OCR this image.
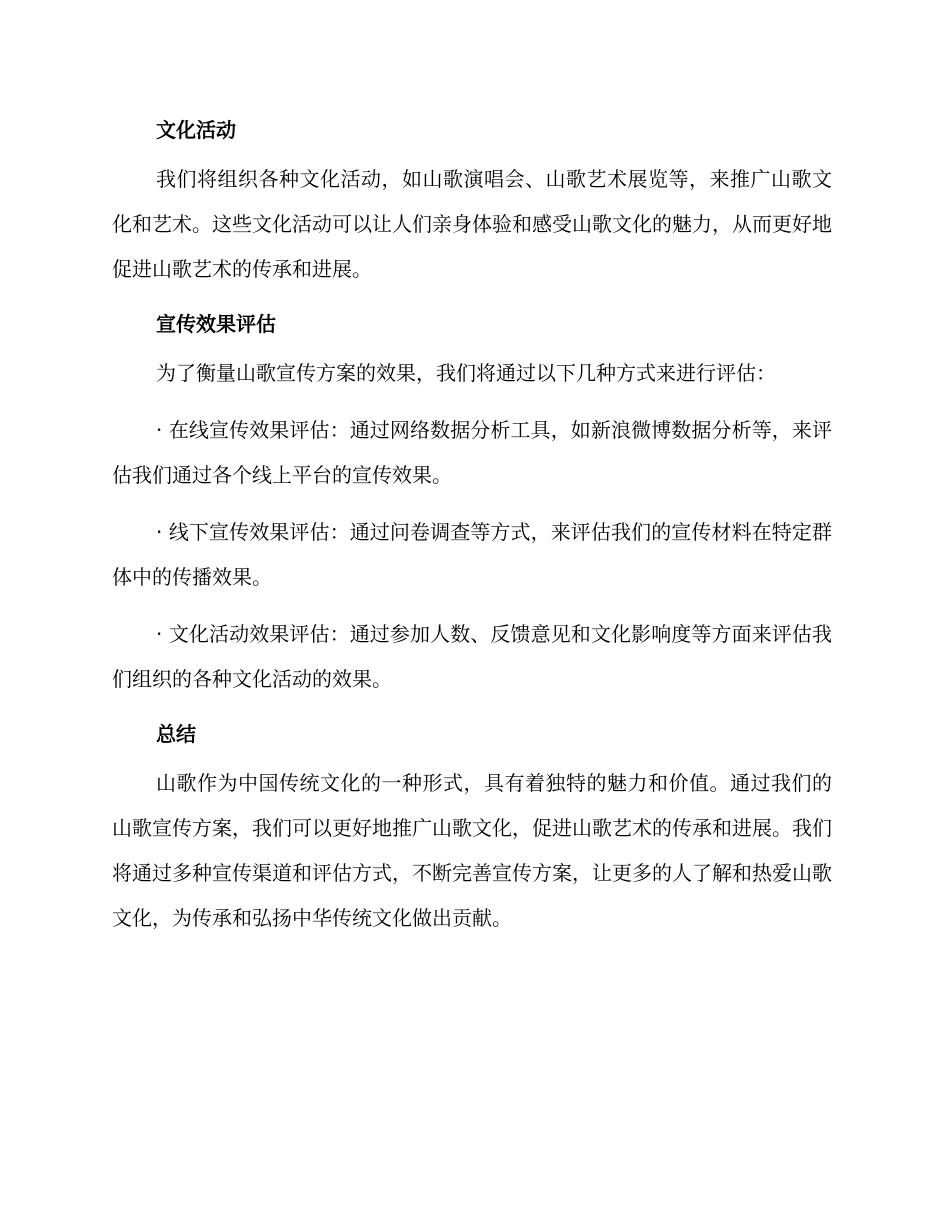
文化活动

我们将组织各种文化活动，如山歌演唱会、山歌艺术展览等，来推广山歌文化和艺术。这些文化活动可以让人们亲身体验和感受山歌文化的魅力，从而更好地促进山歌艺术的传承和进展。

宣传效果评估

为了衡量山歌宣传方案的效果，我们将通过以下几种方式来进行评估：

· 在线宣传效果评估：通过网络数据分析工具，如新浪微博数据分析等，来评估我们通过各个线上平台的宣传效果。

· 线下宣传效果评估：通过问卷调查等方式，来评估我们的宣传材料在特定群体中的传播效果。

· 文化活动效果评估：通过参加人数、反馈意见和文化影响度等方面来评估我们组织的各种文化活动的效果。

总结

山歌作为中国传统文化的一种形式，具有着独特的魅力和价值。通过我们的山歌宣传方案，我们可以更好地推广山歌文化，促进山歌艺术的传承和进展。我们将通过多种宣传渠道和评估方式，不断完善宣传方案，让更多的人了解和热爱山歌文化，为传承和弘扬中华传统文化做出贡献。
